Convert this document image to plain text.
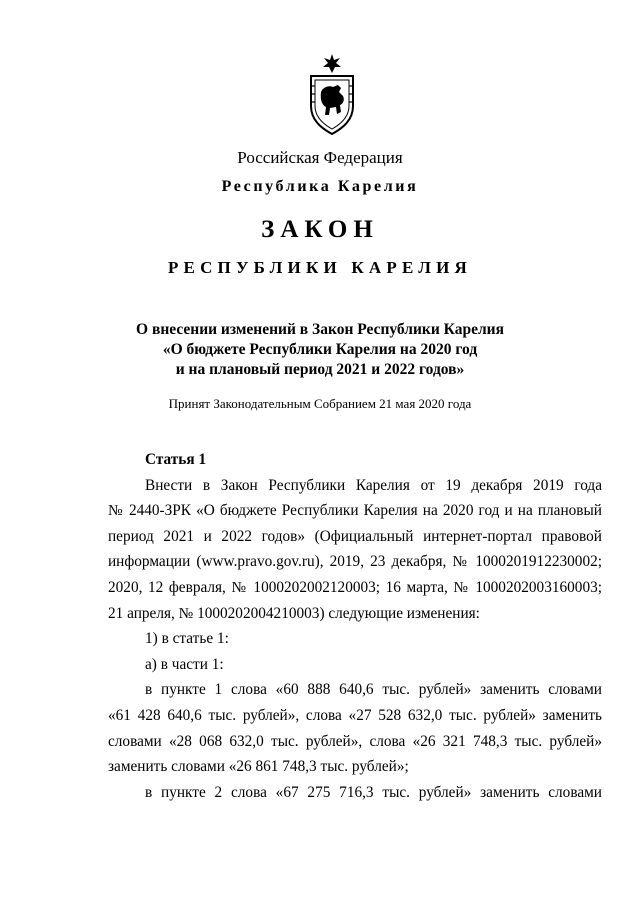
Российская Федерация
Республика Карелия
ЗАКОН
РЕСПУБЛИКИ КАРЕЛИЯ
О внесении изменений в Закон Республики Карелия
«О бюджете Республики Карелия на 2020 год
и на плановый период 2021 и 2022 годов»
Принят Законодательным Собранием 21 мая 2020 года
Статья 1
Внести в Закон Республики Карелия от 19 декабря 2019 года
№ 2440-ЗРК «О бюджете Республики Карелия на 2020 год и на плановый
период 2021 и 2022 годов» (Официальный интернет-портал правовой
информации (www.pravo.gov.ru), 2019, 23 декабря, № 1000201912230002;
2020, 12 февраля, № 1000202002120003; 16 марта, № 1000202003160003;
21 апреля, № 1000202004210003) следующие изменения:
1) в статье 1:
а) в части 1:
в пункте 1 слова «60 888 640,6 тыс. рублей» заменить словами
«61 428 640,6 тыс. рублей», слова «27 528 632,0 тыс. рублей» заменить
словами «28 068 632,0 тыс. рублей», слова «26 321 748,3 тыс. рублей»
заменить словами «26 861 748,3 тыс. рублей»;
в пункте 2 слова «67 275 716,3 тыс. рублей» заменить словами
